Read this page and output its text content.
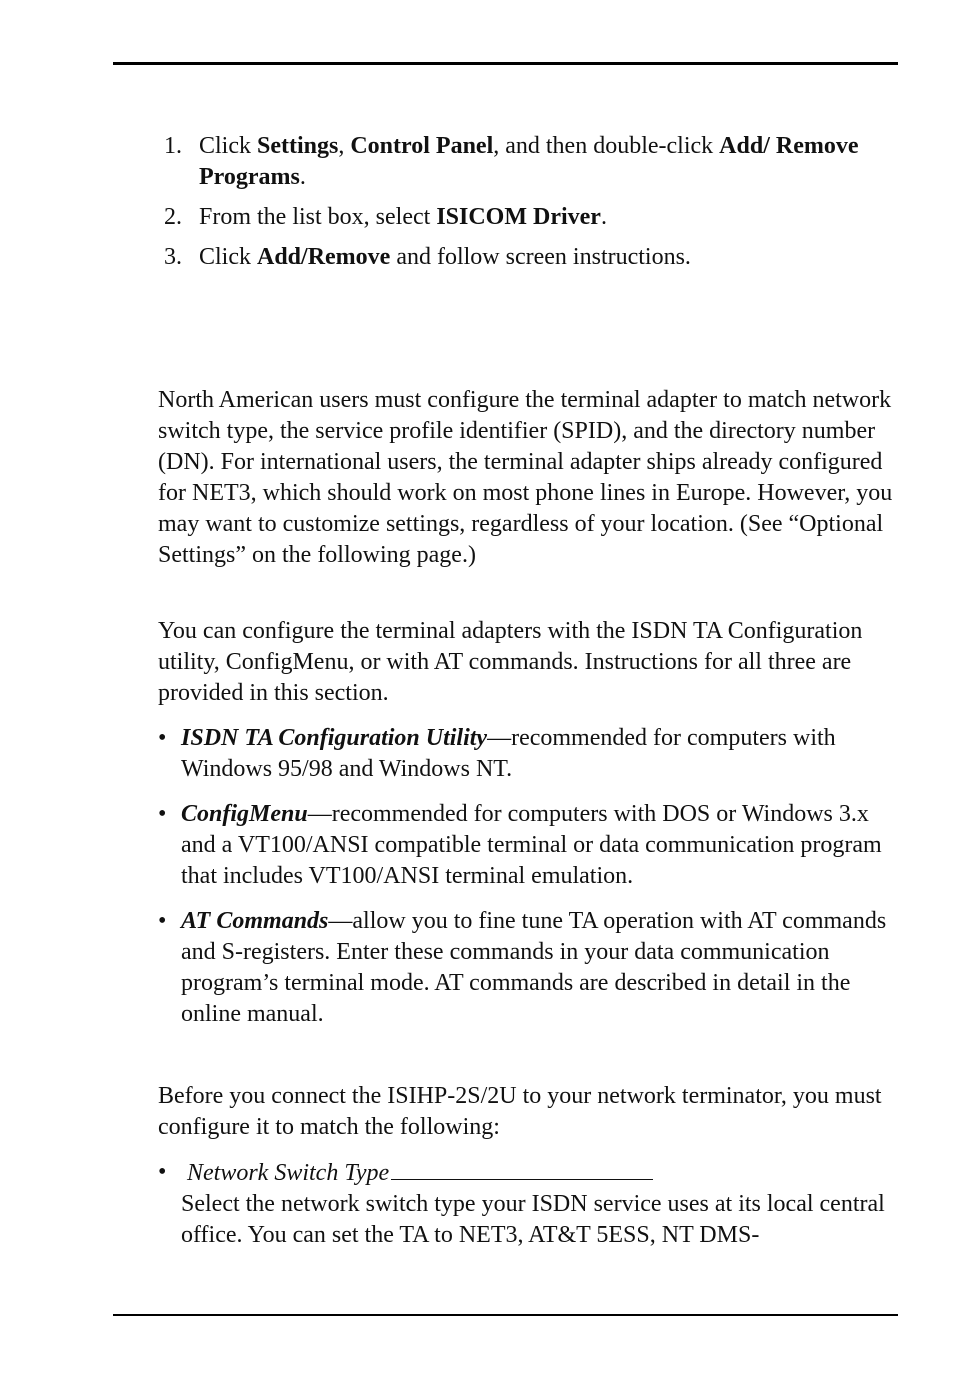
1. Click Settings, Control Panel, and then double-click Add/ Remove Programs.
2. From the list box, select ISICOM Driver.
3. Click Add/Remove and follow screen instructions.

North American users must configure the terminal adapter to match network switch type, the service profile identifier (SPID), and the directory number (DN). For international users, the terminal adapter ships already configured for NET3, which should work on most phone lines in Europe. However, you may want to customize settings, regardless of your location. (See “Optional Settings” on the following page.)

You can configure the terminal adapters with the ISDN TA Configuration utility, ConfigMenu, or with AT commands. Instructions for all three are provided in this section.

• ISDN TA Configuration Utility—recommended for computers with Windows 95/98 and Windows NT.
• ConfigMenu—recommended for computers with DOS or Windows 3.x and a VT100/ANSI compatible terminal or data communication program that includes VT100/ANSI terminal emulation.
• AT Commands—allow you to fine tune TA operation with AT commands and S-registers. Enter these commands in your data communication program’s terminal mode. AT commands are described in detail in the online manual.

Before you connect the ISIHP-2S/2U to your network terminator, you must configure it to match the following:

• Network Switch Type
Select the network switch type your ISDN service uses at its local central office. You can set the TA to NET3, AT&T 5ESS, NT DMS-
